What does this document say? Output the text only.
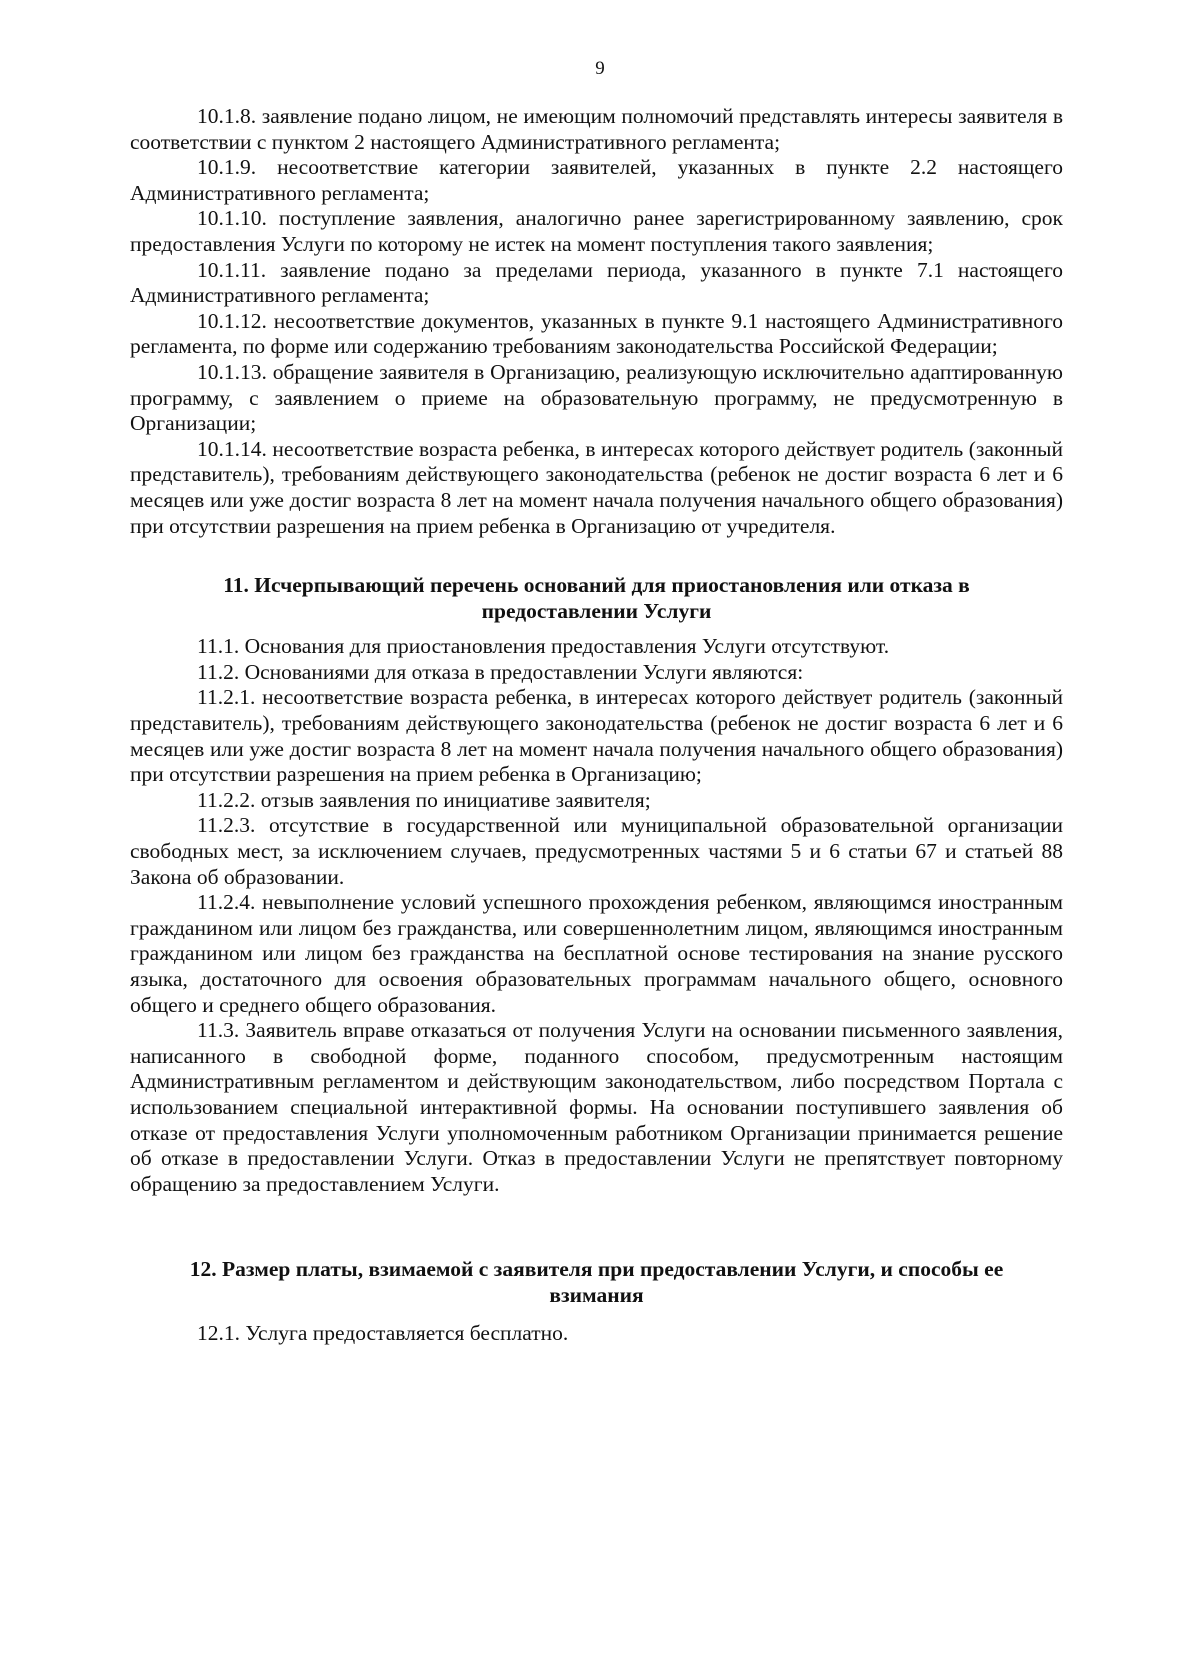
9

10.1.8. заявление подано лицом, не имеющим полномочий представлять интересы заявителя в соответствии с пунктом 2 настоящего Административного регламента;

10.1.9. несоответствие категории заявителей, указанных в пункте 2.2 настоящего Административного регламента;

10.1.10. поступление заявления, аналогично ранее зарегистрированному заявлению, срок предоставления Услуги по которому не истек на момент поступления такого заявления;

10.1.11. заявление подано за пределами периода, указанного в пункте 7.1 настоящего Административного регламента;

10.1.12. несоответствие документов, указанных в пункте 9.1 настоящего Административного регламента, по форме или содержанию требованиям законодательства Российской Федерации;

10.1.13. обращение заявителя в Организацию, реализующую исключительно адаптированную программу, с заявлением о приеме на образовательную программу, не предусмотренную в Организации;

10.1.14. несоответствие возраста ребенка, в интересах которого действует родитель (законный представитель), требованиям действующего законодательства (ребенок не достиг возраста 6 лет и 6 месяцев или уже достиг возраста 8 лет на момент начала получения начального общего образования) при отсутствии разрешения на прием ребенка в Организацию от учредителя.

11. Исчерпывающий перечень оснований для приостановления или отказа в предоставлении Услуги

11.1. Основания для приостановления предоставления Услуги отсутствуют.

11.2. Основаниями для отказа в предоставлении Услуги являются:

11.2.1. несоответствие возраста ребенка, в интересах которого действует родитель (законный представитель), требованиям действующего законодательства (ребенок не достиг возраста 6 лет и 6 месяцев или уже достиг возраста 8 лет на момент начала получения начального общего образования) при отсутствии разрешения на прием ребенка в Организацию;

11.2.2. отзыв заявления по инициативе заявителя;

11.2.3. отсутствие в государственной или муниципальной образовательной организации свободных мест, за исключением случаев, предусмотренных частями 5 и 6 статьи 67 и статьей 88 Закона об образовании.

11.2.4. невыполнение условий успешного прохождения ребенком, являющимся иностранным гражданином или лицом без гражданства, или совершеннолетним лицом, являющимся иностранным гражданином или лицом без гражданства на бесплатной основе тестирования на знание русского языка, достаточного для освоения образовательных программам начального общего, основного общего и среднего общего образования.

11.3. Заявитель вправе отказаться от получения Услуги на основании письменного заявления, написанного в свободной форме, поданного способом, предусмотренным настоящим Административным регламентом и действующим законодательством, либо посредством Портала с использованием специальной интерактивной формы. На основании поступившего заявления об отказе от предоставления Услуги уполномоченным работником Организации принимается решение об отказе в предоставлении Услуги. Отказ в предоставлении Услуги не препятствует повторному обращению за предоставлением Услуги.

12. Размер платы, взимаемой с заявителя при предоставлении Услуги, и способы ее взимания

12.1. Услуга предоставляется бесплатно.
